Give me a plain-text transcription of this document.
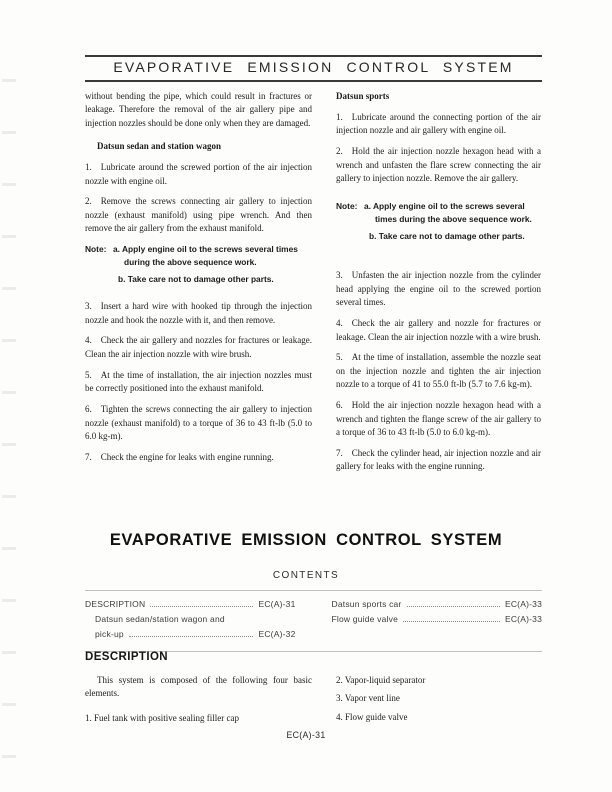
EVAPORATIVE EMISSION CONTROL SYSTEM

without bending the pipe, which could result in fractures or leakage. Therefore the removal of the air gallery pipe and injection nozzles should be done only when they are damaged.

Datsun sedan and station wagon

1.  Lubricate around the screwed portion of the air injection nozzle with engine oil.

2.  Remove the screws connecting air gallery to injection nozzle (exhaust manifold) using pipe wrench. And then remove the air gallery from the exhaust manifold.

Note: a. Apply engine oil to the screws several times during the above sequence work.

b. Take care not to damage other parts.

3.  Insert a hard wire with hooked tip through the injection nozzle and hook the nozzle with it, and then remove.

4.  Check the air gallery and nozzles for fractures or leakage. Clean the air injection nozzle with wire brush.

5.  At the time of installation, the air injection nozzles must be correctly positioned into the exhaust manifold.

6.  Tighten the screws connecting the air gallery to injection nozzle (exhaust manifold) to a torque of 36 to 43 ft-lb (5.0 to 6.0 kg-m).

7.  Check the engine for leaks with engine running.

Datsun sports

1.  Lubricate around the connecting portion of the air injection nozzle and air gallery with engine oil.

2.  Hold the air injection nozzle hexagon head with a wrench and unfasten the flare screw connecting the air gallery to injection nozzle. Remove the air gallery.

Note: a. Apply engine oil to the screws several times during the above sequence work.

b. Take care not to damage other parts.

3.  Unfasten the air injection nozzle from the cylinder head applying the engine oil to the screwed portion several times.

4.  Check the air gallery and nozzle for fractures or leakage. Clean the air injection nozzle with a wire brush.

5.  At the time of installation, assemble the nozzle seat on the injection nozzle and tighten the air injection nozzle to a torque of 41 to 55.0 ft-lb (5.7 to 7.6 kg-m).

6.  Hold the air injection nozzle hexagon head with a wrench and tighten the flange screw of the air gallery to a torque of 36 to 43 ft-lb (5.0 to 6.0 kg-m).

7.  Check the cylinder head, air injection nozzle and air gallery for leaks with the engine running.

EVAPORATIVE EMISSION CONTROL SYSTEM
CONTENTS
DESCRIPTION	EC(A)-31
Datsun sedan/station wagon and
pick-up	EC(A)-32
Datsun sports car	EC(A)-33
Flow guide valve	EC(A)-33
DESCRIPTION

This system is composed of the following four basic elements.

1. Fuel tank with positive sealing filler cap

2. Vapor-liquid separator

3. Vapor vent line

4. Flow guide valve

EC(A)-31
